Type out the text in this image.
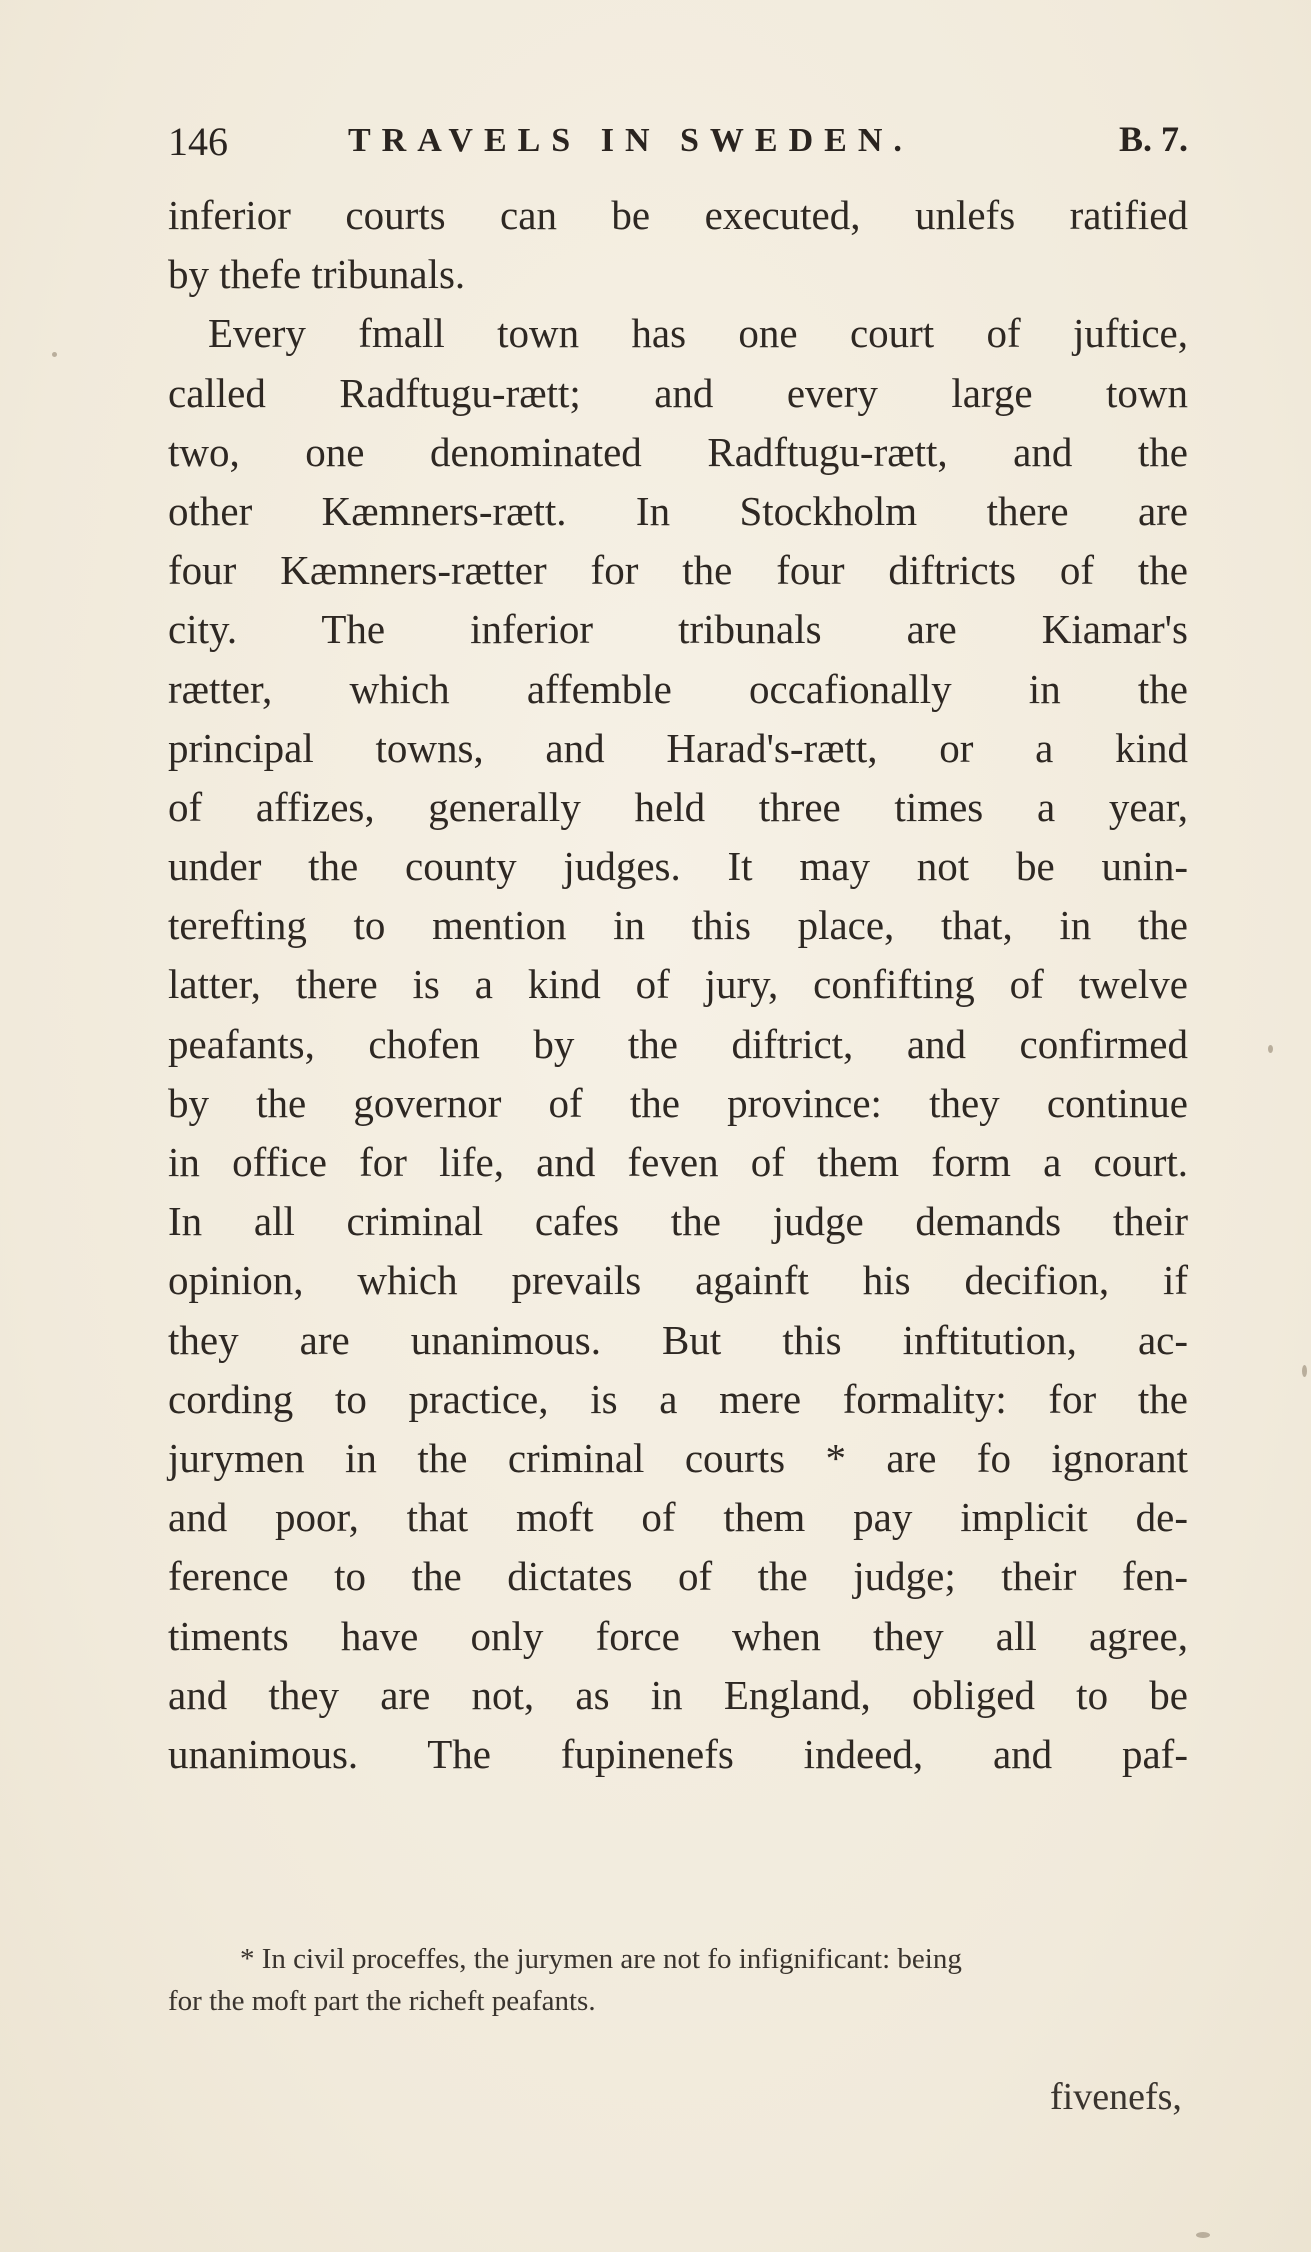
146	TRAVELS IN SWEDEN.	B. 7.
inferior courts can be executed, unlefs ratified
by thefe tribunals.
Every fmall town has one court of juftice,
called Radftugu-rætt; and every large town
two, one denominated Radftugu-rætt, and the
other Kæmners-rætt. In Stockholm there are
four Kæmners-rætter for the four diftricts of the
city. The inferior tribunals are Kiamar's
rætter, which affemble occafionally in the
principal towns, and Harad's-rætt, or a kind
of affizes, generally held three times a year,
under the county judges. It may not be unin-
terefting to mention in this place, that, in the
latter, there is a kind of jury, confifting of twelve
peafants, chofen by the diftrict, and confirmed
by the governor of the province: they continue
in office for life, and feven of them form a court.
In all criminal cafes the judge demands their
opinion, which prevails againft his decifion, if
they are unanimous. But this inftitution, ac-
cording to practice, is a mere formality: for the
jurymen in the criminal courts * are fo ignorant
and poor, that moft of them pay implicit de-
ference to the dictates of the judge; their fen-
timents have only force when they all agree,
and they are not, as in England, obliged to be
unanimous. The fupinenefs indeed, and paf-
* In civil proceffes, the jurymen are not fo infignificant: being
for the moft part the richeft peafants.
fivenefs,
